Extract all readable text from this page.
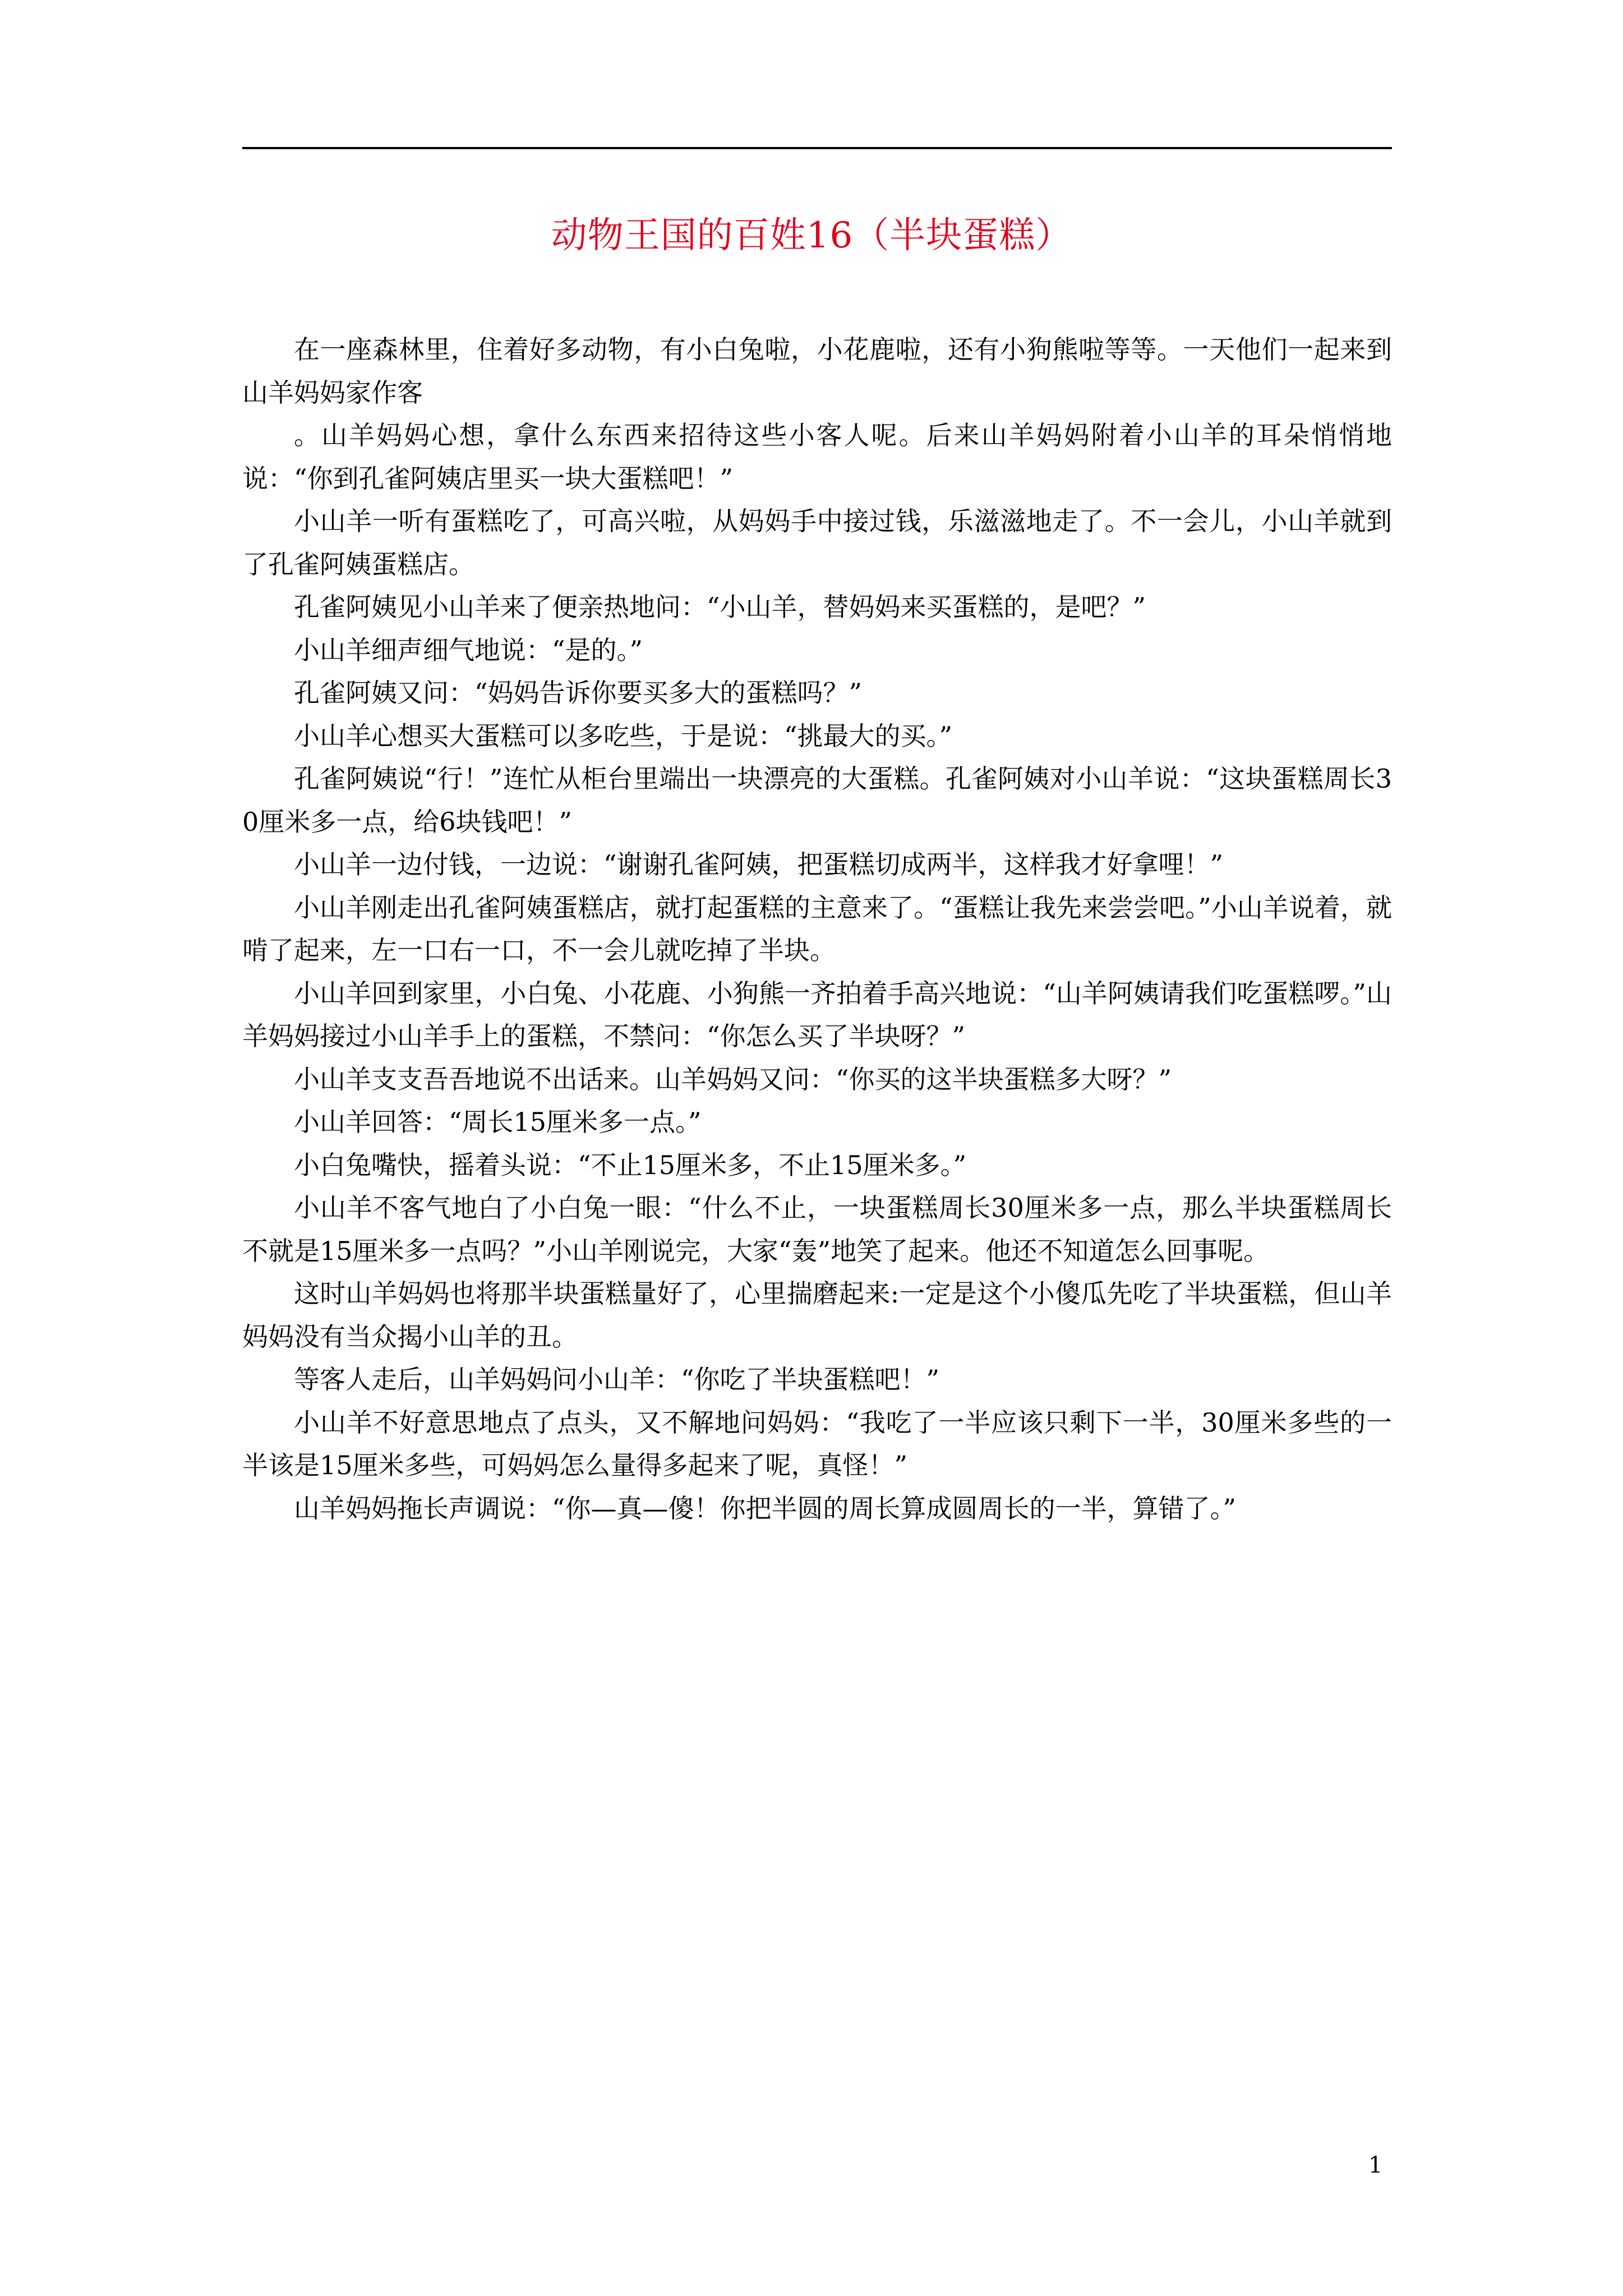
动物王国的百姓16（半块蛋糕）

在一座森林里，住着好多动物，有小白兔啦，小花鹿啦，还有小狗熊啦等等。一天他们一起来到山羊妈妈家作客

。山羊妈妈心想，拿什么东西来招待这些小客人呢。后来山羊妈妈附着小山羊的耳朵悄悄地说：“你到孔雀阿姨店里买一块大蛋糕吧！”

小山羊一听有蛋糕吃了，可高兴啦，从妈妈手中接过钱，乐滋滋地走了。不一会儿，小山羊就到了孔雀阿姨蛋糕店。

孔雀阿姨见小山羊来了便亲热地问：“小山羊，替妈妈来买蛋糕的，是吧？”

小山羊细声细气地说：“是的。”

孔雀阿姨又问：“妈妈告诉你要买多大的蛋糕吗？”

小山羊心想买大蛋糕可以多吃些，于是说：“挑最大的买。”

孔雀阿姨说“行！”连忙从柜台里端出一块漂亮的大蛋糕。孔雀阿姨对小山羊说：“这块蛋糕周长30厘米多一点，给6块钱吧！”

小山羊一边付钱，一边说：“谢谢孔雀阿姨，把蛋糕切成两半，这样我才好拿哩！”

小山羊刚走出孔雀阿姨蛋糕店，就打起蛋糕的主意来了。“蛋糕让我先来尝尝吧。”小山羊说着，就啃了起来，左一口右一口，不一会儿就吃掉了半块。

小山羊回到家里，小白兔、小花鹿、小狗熊一齐拍着手高兴地说：“山羊阿姨请我们吃蛋糕啰。”山羊妈妈接过小山羊手上的蛋糕，不禁问：“你怎么买了半块呀？”

小山羊支支吾吾地说不出话来。山羊妈妈又问：“你买的这半块蛋糕多大呀？”

小山羊回答：“周长15厘米多一点。”

小白兔嘴快，摇着头说：“不止15厘米多，不止15厘米多。”

小山羊不客气地白了小白兔一眼：“什么不止，一块蛋糕周长30厘米多一点，那么半块蛋糕周长不就是15厘米多一点吗？”小山羊刚说完，大家“轰”地笑了起来。他还不知道怎么回事呢。

这时山羊妈妈也将那半块蛋糕量好了，心里揣磨起来:一定是这个小傻瓜先吃了半块蛋糕，但山羊妈妈没有当众揭小山羊的丑。

等客人走后，山羊妈妈问小山羊：“你吃了半块蛋糕吧！”

小山羊不好意思地点了点头，又不解地问妈妈：“我吃了一半应该只剩下一半，30厘米多些的一半该是15厘米多些，可妈妈怎么量得多起来了呢，真怪！”

山羊妈妈拖长声调说：“你—真—傻！你把半圆的周长算成圆周长的一半，算错了。”

1
